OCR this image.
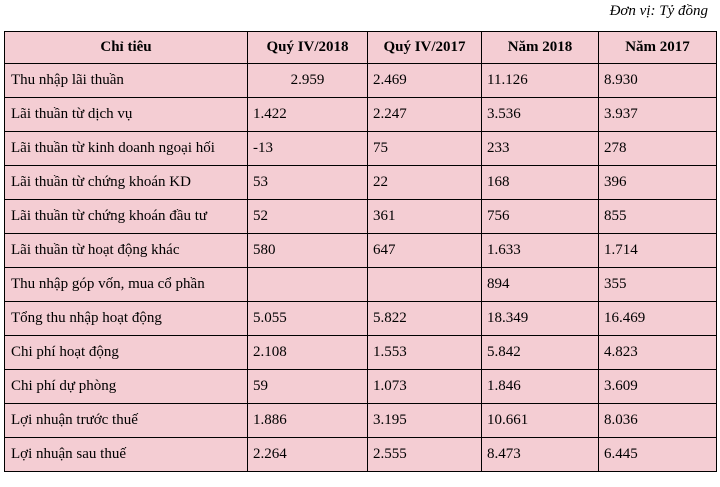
Đơn vị: Tỷ đồng
Chỉ tiêu	Quý IV/2018	Quý IV/2017	Năm 2018	Năm 2017
Thu nhập lãi thuần	2.959	2.469	11.126	8.930
Lãi thuần từ dịch vụ	1.422	2.247	3.536	3.937
Lãi thuần từ kinh doanh ngoại hối	-13	75	233	278
Lãi thuần từ chứng khoán KD	53	22	168	396
Lãi thuần từ chứng khoán đầu tư	52	361	756	855
Lãi thuần từ hoạt động khác	580	647	1.633	1.714
Thu nhập góp vốn, mua cổ phần			894	355
Tổng thu nhập hoạt động	5.055	5.822	18.349	16.469
Chi phí hoạt động	2.108	1.553	5.842	4.823
Chi phí dự phòng	59	1.073	1.846	3.609
Lợi nhuận trước thuế	1.886	3.195	10.661	8.036
Lợi nhuận sau thuế	2.264	2.555	8.473	6.445
